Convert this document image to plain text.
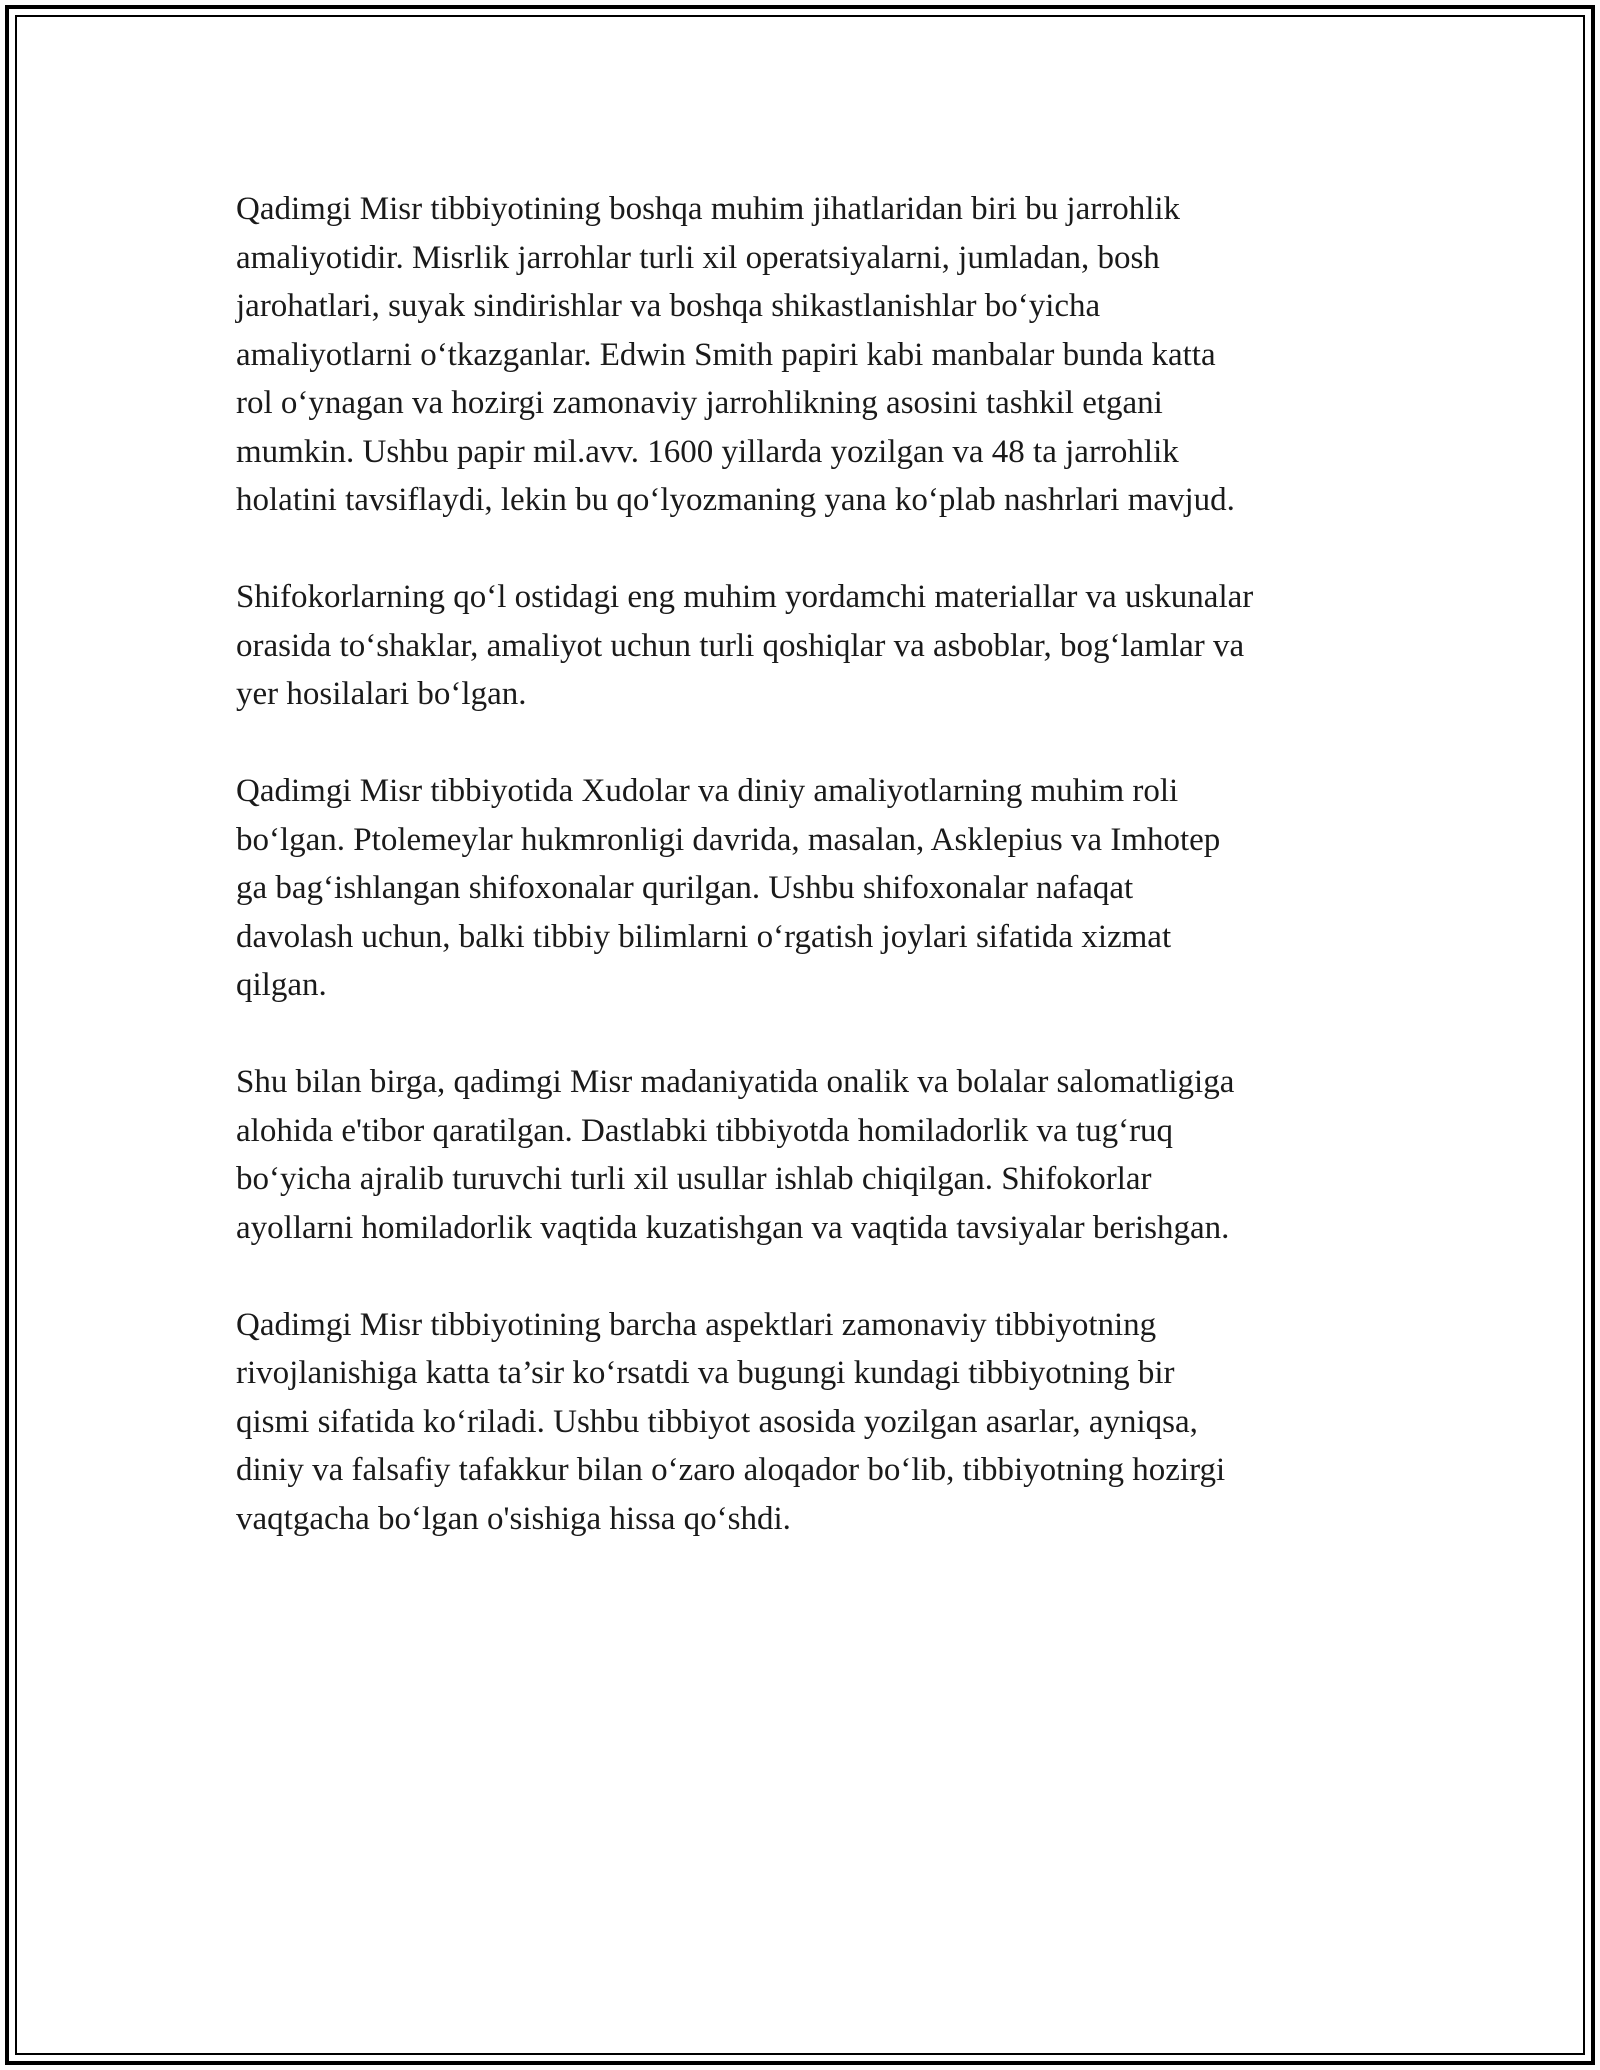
Qadimgi Misr tibbiyotining boshqa muhim jihatlaridan biri bu jarrohlik
amaliyotidir. Misrlik jarrohlar turli xil operatsiyalarni, jumladan, bosh
jarohatlari, suyak sindirishlar va boshqa shikastlanishlar bo‘yicha
amaliyotlarni o‘tkazganlar. Edwin Smith papiri kabi manbalar bunda katta
rol o‘ynagan va hozirgi zamonaviy jarrohlikning asosini tashkil etgani
mumkin. Ushbu papir mil.avv. 1600 yillarda yozilgan va 48 ta jarrohlik
holatini tavsiflaydi, lekin bu qo‘lyozmaning yana ko‘plab nashrlari mavjud.

Shifokorlarning qo‘l ostidagi eng muhim yordamchi materiallar va uskunalar
orasida to‘shaklar, amaliyot uchun turli qoshiqlar va asboblar, bog‘lamlar va
yer hosilalari bo‘lgan.

Qadimgi Misr tibbiyotida Xudolar va diniy amaliyotlarning muhim roli
bo‘lgan. Ptolemeylar hukmronligi davrida, masalan, Asklepius va Imhotep
ga bag‘ishlangan shifoxonalar qurilgan. Ushbu shifoxonalar nafaqat
davolash uchun, balki tibbiy bilimlarni o‘rgatish joylari sifatida xizmat
qilgan.

Shu bilan birga, qadimgi Misr madaniyatida onalik va bolalar salomatligiga
alohida e'tibor qaratilgan. Dastlabki tibbiyotda homiladorlik va tug‘ruq
bo‘yicha ajralib turuvchi turli xil usullar ishlab chiqilgan. Shifokorlar
ayollarni homiladorlik vaqtida kuzatishgan va vaqtida tavsiyalar berishgan.

Qadimgi Misr tibbiyotining barcha aspektlari zamonaviy tibbiyotning
rivojlanishiga katta ta’sir ko‘rsatdi va bugungi kundagi tibbiyotning bir
qismi sifatida ko‘riladi. Ushbu tibbiyot asosida yozilgan asarlar, ayniqsa,
diniy va falsafiy tafakkur bilan o‘zaro aloqador bo‘lib, tibbiyotning hozirgi
vaqtgacha bo‘lgan o'sishiga hissa qo‘shdi.
